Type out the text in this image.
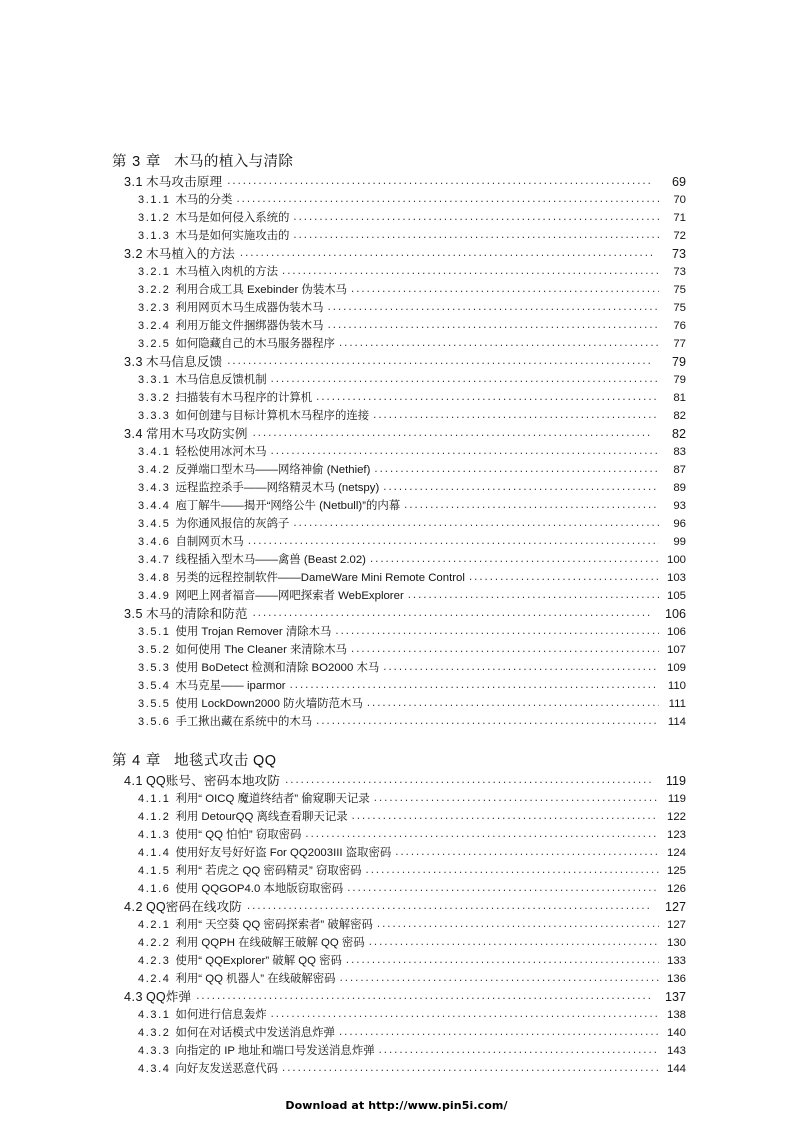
第 3 章 木马的植入与清除
3.1 木马攻击原理 . . .	69
3.1.1 木马的分类 . . .	70
3.1.2 木马是如何侵入系统的 . . .	71
3.1.3 木马是如何实施攻击的 . . .	72
3.2 木马植入的方法 . . .	73
3.2.1 木马植入肉机的方法 . . .	73
3.2.2 利用合成工具 Exebinder 伪装木马 . . .	75
3.2.3 利用网页木马生成器伪装木马 . . .	75
3.2.4 利用万能文件捆绑器伪装木马 . . .	76
3.2.5 如何隐藏自己的木马服务器程序 . . .	77
3.3 木马信息反馈 . . .	79
3.3.1 木马信息反馈机制 . . .	79
3.3.2 扫描装有木马程序的计算机 . . .	81
3.3.3 如何创建与目标计算机木马程序的连接 . . .	82
3.4 常用木马攻防实例 . . .	82
3.4.1 轻松使用冰河木马 . . .	83
3.4.2 反弹端口型木马——网络神偷 (Nethief) . . .	87
3.4.3 远程监控杀手——网络精灵木马 (netspy) . . .	89
3.4.4 庖丁解牛——揭开“网络公牛 (Netbull)”的内幕 . . .	93
3.4.5 为你通风报信的灰鸽子 . . .	96
3.4.6 自制网页木马 . . .	99
3.4.7 线程插入型木马——禽兽 (Beast 2.02) . . .	100
3.4.8 另类的远程控制软件——DameWare Mini Remote Control . . .	103
3.4.9 网吧上网者福音——网吧探索者 WebExplorer . . .	105
3.5 木马的清除和防范 . . .	106
3.5.1 使用 Trojan Remover 清除木马 . . .	106
3.5.2 如何使用 The Cleaner 来清除木马 . . .	107
3.5.3 使用 BoDetect 检测和清除 BO2000 木马 . . .	109
3.5.4 木马克星—— iparmor . . .	110
3.5.5 使用 LockDown2000 防火墙防范木马 . . .	111
3.5.6 手工揪出藏在系统中的木马 . . .	114
第 4 章 地毯式攻击 QQ
4.1 QQ账号、密码本地攻防 . . .	119
4.1.1 利用“ OICQ 魔道终结者” 偷窥聊天记录 . . .	119
4.1.2 利用 DetourQQ 离线查看聊天记录 . . .	122
4.1.3 使用“ QQ 怕怕” 窃取密码 . . .	123
4.1.4 使用好友号好好盗 For QQ2003III 盗取密码 . . .	124
4.1.5 利用“ 若虎之 QQ 密码精灵” 窃取密码 . . .	125
4.1.6 使用 QQGOP4.0 本地版窃取密码 . . .	126
4.2 QQ密码在线攻防 . . .	127
4.2.1 利用“ 天空葵 QQ 密码探索者” 破解密码 . . .	127
4.2.2 利用 QQPH 在线破解王破解 QQ 密码 . . .	130
4.2.3 使用“ QQExplorer” 破解 QQ 密码 . . .	133
4.2.4 利用“ QQ 机器人” 在线破解密码 . . .	136
4.3 QQ炸弹 . . .	137
4.3.1 如何进行信息轰炸 . . .	138
4.3.2 如何在对话模式中发送消息炸弹 . . .	140
4.3.3 向指定的 IP 地址和端口号发送消息炸弹 . . .	143
4.3.4 向好友发送恶意代码 . . .	144
Download at http://www.pin5i.com/
